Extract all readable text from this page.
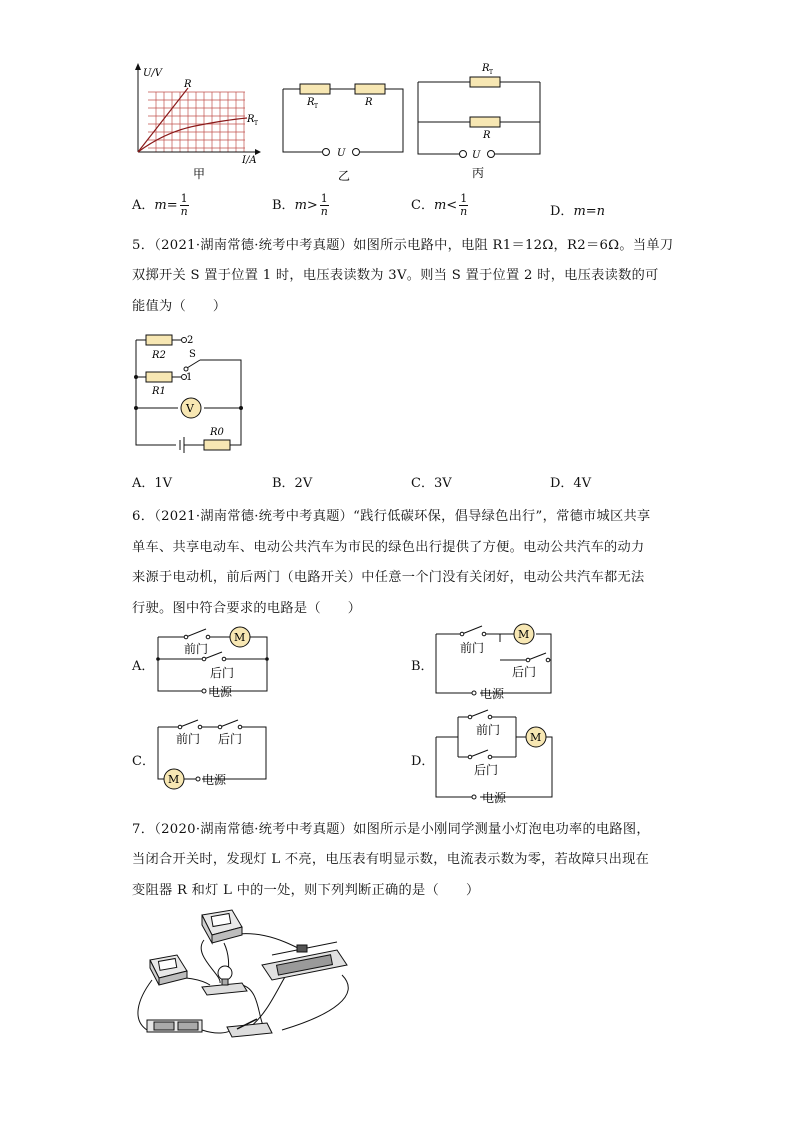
U/V
R
R T
I/A
甲
R T	R
U
乙
R T
R
U
丙
A．$m= \frac{1}{n}$	B．$m> \frac{1}{n}$	C．$m< \frac{1}{n}$	D．m=n
5．（2021·湖南常德·统考中考真题）如图所示电路中，电阻 R1＝12Ω，R2＝6Ω。当单刀
双掷开关 S 置于位置 1 时，电压表读数为 3V。则当 S 置于位置 2 时，电压表读数的可
能值为（　　）
2
1
S
R2
R1
R0
V
A．1V	B．2V	C．3V	D．4V
6．（2021·湖南常德·统考中考真题）“践行低碳环保，倡导绿色出行”，常德市城区共享
单车、共享电动车、电动公共汽车为市民的绿色出行提供了方便。电动公共汽车的动力
来源于电动机，前后两门（电路开关）中任意一个门没有关闭好，电动公共汽车都无法
行驶。图中符合要求的电路是（　　）
A．
M
前门
后门
电源
B．
M
前门
后门
电源
C．
M
前门 后门
电源
D．
M
前门
后门
电源
7．（2020·湖南常德·统考中考真题）如图所示是小刚同学测量小灯泡电功率的电路图，
当闭合开关时，发现灯 L 不亮，电压表有明显示数，电流表示数为零，若故障只出现在
变阻器 R 和灯 L 中的一处，则下列判断正确的是（　　）
